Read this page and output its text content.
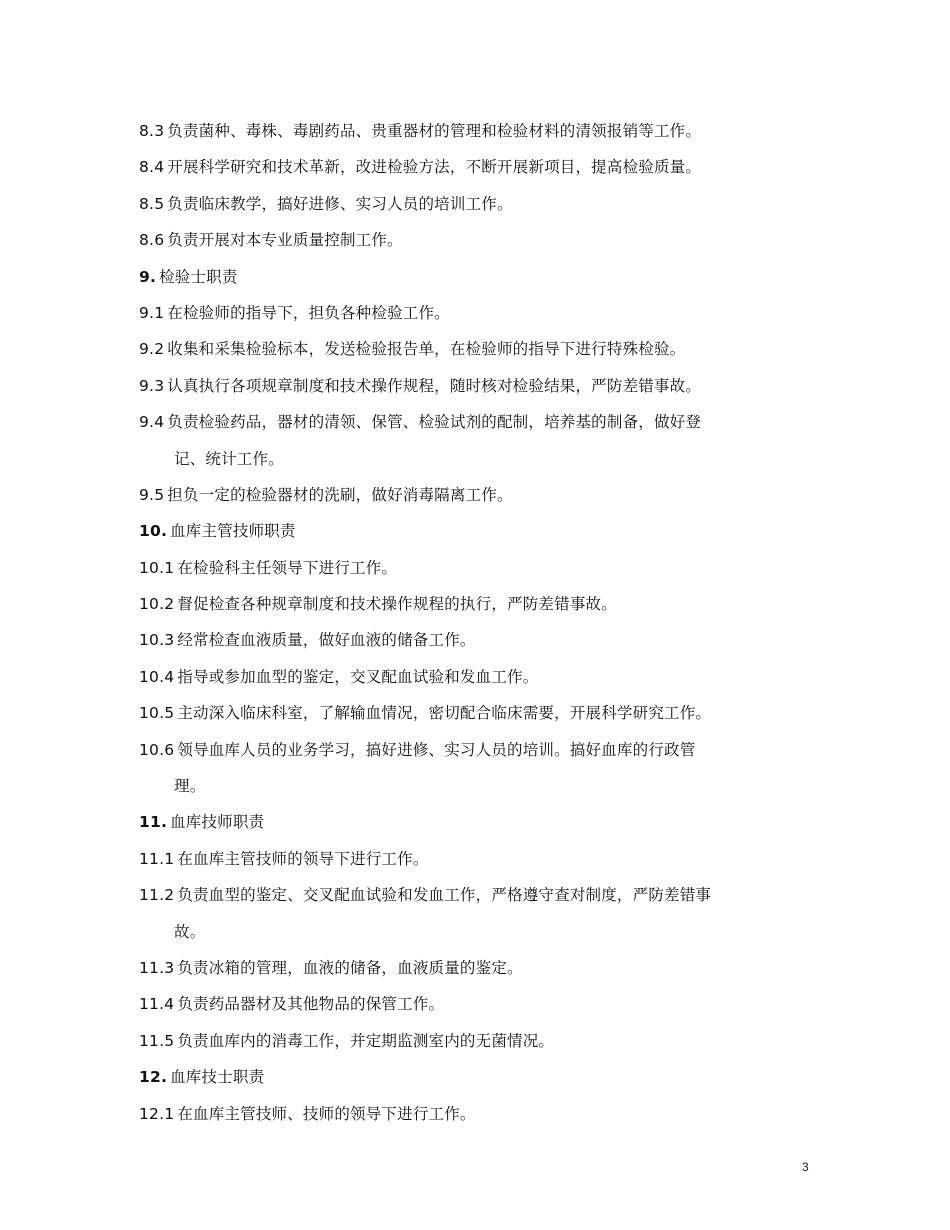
8.3 负责菌种、毒株、毒剧药品、贵重器材的管理和检验材料的清领报销等工作。
8.4 开展科学研究和技术革新，改进检验方法，不断开展新项目，提高检验质量。
8.5 负责临床教学，搞好进修、实习人员的培训工作。
8.6 负责开展对本专业质量控制工作。
9. 检验士职责
9.1 在检验师的指导下，担负各种检验工作。
9.2 收集和采集检验标本，发送检验报告单，在检验师的指导下进行特殊检验。
9.3 认真执行各项规章制度和技术操作规程，随时核对检验结果，严防差错事故。
9.4 负责检验药品，器材的清领、保管、检验试剂的配制，培养基的制备，做好登
记、统计工作。
9.5 担负一定的检验器材的洗刷，做好消毒隔离工作。
10. 血库主管技师职责
10.1 在检验科主任领导下进行工作。
10.2 督促检查各种规章制度和技术操作规程的执行，严防差错事故。
10.3 经常检查血液质量，做好血液的储备工作。
10.4 指导或参加血型的鉴定，交叉配血试验和发血工作。
10.5 主动深入临床科室，了解输血情况，密切配合临床需要，开展科学研究工作。
10.6 领导血库人员的业务学习，搞好进修、实习人员的培训。搞好血库的行政管
理。
11. 血库技师职责
11.1 在血库主管技师的领导下进行工作。
11.2 负责血型的鉴定、交叉配血试验和发血工作，严格遵守查对制度，严防差错事
故。
11.3 负责冰箱的管理，血液的储备，血液质量的鉴定。
11.4 负责药品器材及其他物品的保管工作。
11.5 负责血库内的消毒工作，并定期监测室内的无菌情况。
12. 血库技士职责
12.1 在血库主管技师、技师的领导下进行工作。
3
